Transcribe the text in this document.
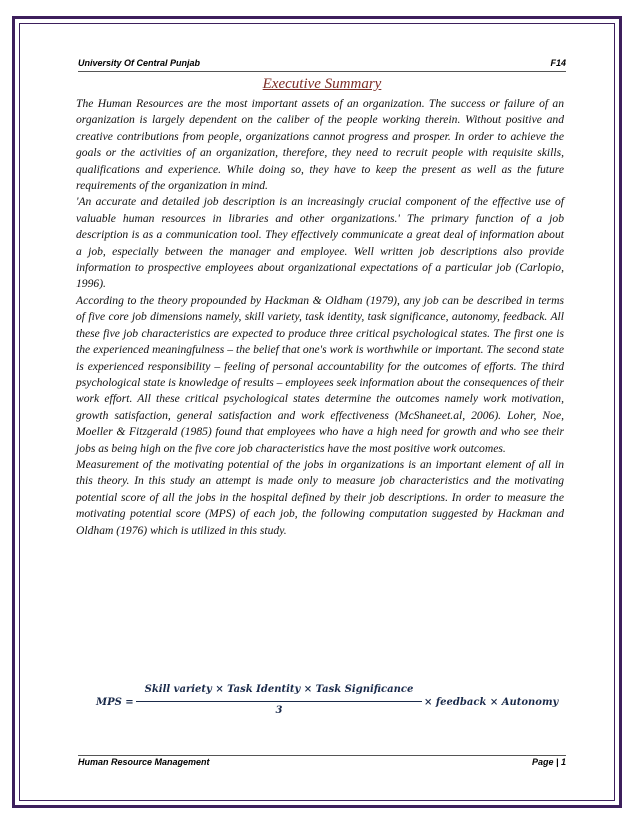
University Of Central Punjab	F14
Executive Summary

The Human Resources are the most important assets of an organization. The success or failure of an organization is largely dependent on the caliber of the people working therein. Without positive and creative contributions from people, organizations cannot progress and prosper. In order to achieve the goals or the activities of an organization, therefore, they need to recruit people with requisite skills, qualifications and experience. While doing so, they have to keep the present as well as the future requirements of the organization in mind.

'An accurate and detailed job description is an increasingly crucial component of the effective use of valuable human resources in libraries and other organizations.' The primary function of a job description is as a communication tool. They effectively communicate a great deal of information about a job, especially between the manager and employee. Well written job descriptions also provide information to prospective employees about organizational expectations of a particular job (Carlopio, 1996).

According to the theory propounded by Hackman & Oldham (1979), any job can be described in terms of five core job dimensions namely, skill variety, task identity, task significance, autonomy, feedback. All these five job characteristics are expected to produce three critical psychological states. The first one is the experienced meaningfulness – the belief that one's work is worthwhile or important. The second state is experienced responsibility – feeling of personal accountability for the outcomes of efforts. The third psychological state is knowledge of results – employees seek information about the consequences of their work effort. All these critical psychological states determine the outcomes namely work motivation, growth satisfaction, general satisfaction and work effectiveness (McShaneet.al, 2006). Loher, Noe, Moeller & Fitzgerald (1985) found that employees who have a high need for growth and who see their jobs as being high on the five core job characteristics have the most positive work outcomes.

Measurement of the motivating potential of the jobs in organizations is an important element of all in this theory. In this study an attempt is made only to measure job characteristics and the motivating potential score of all the jobs in the hospital defined by their job descriptions. In order to measure the motivating potential score (MPS) of each job, the following computation suggested by Hackman and Oldham (1976) which is utilized in this study.

MPS =
Skill variety × Task Identity × Task Significance
3
× feedback × Autonomy
Human Resource Management	Page | 1
